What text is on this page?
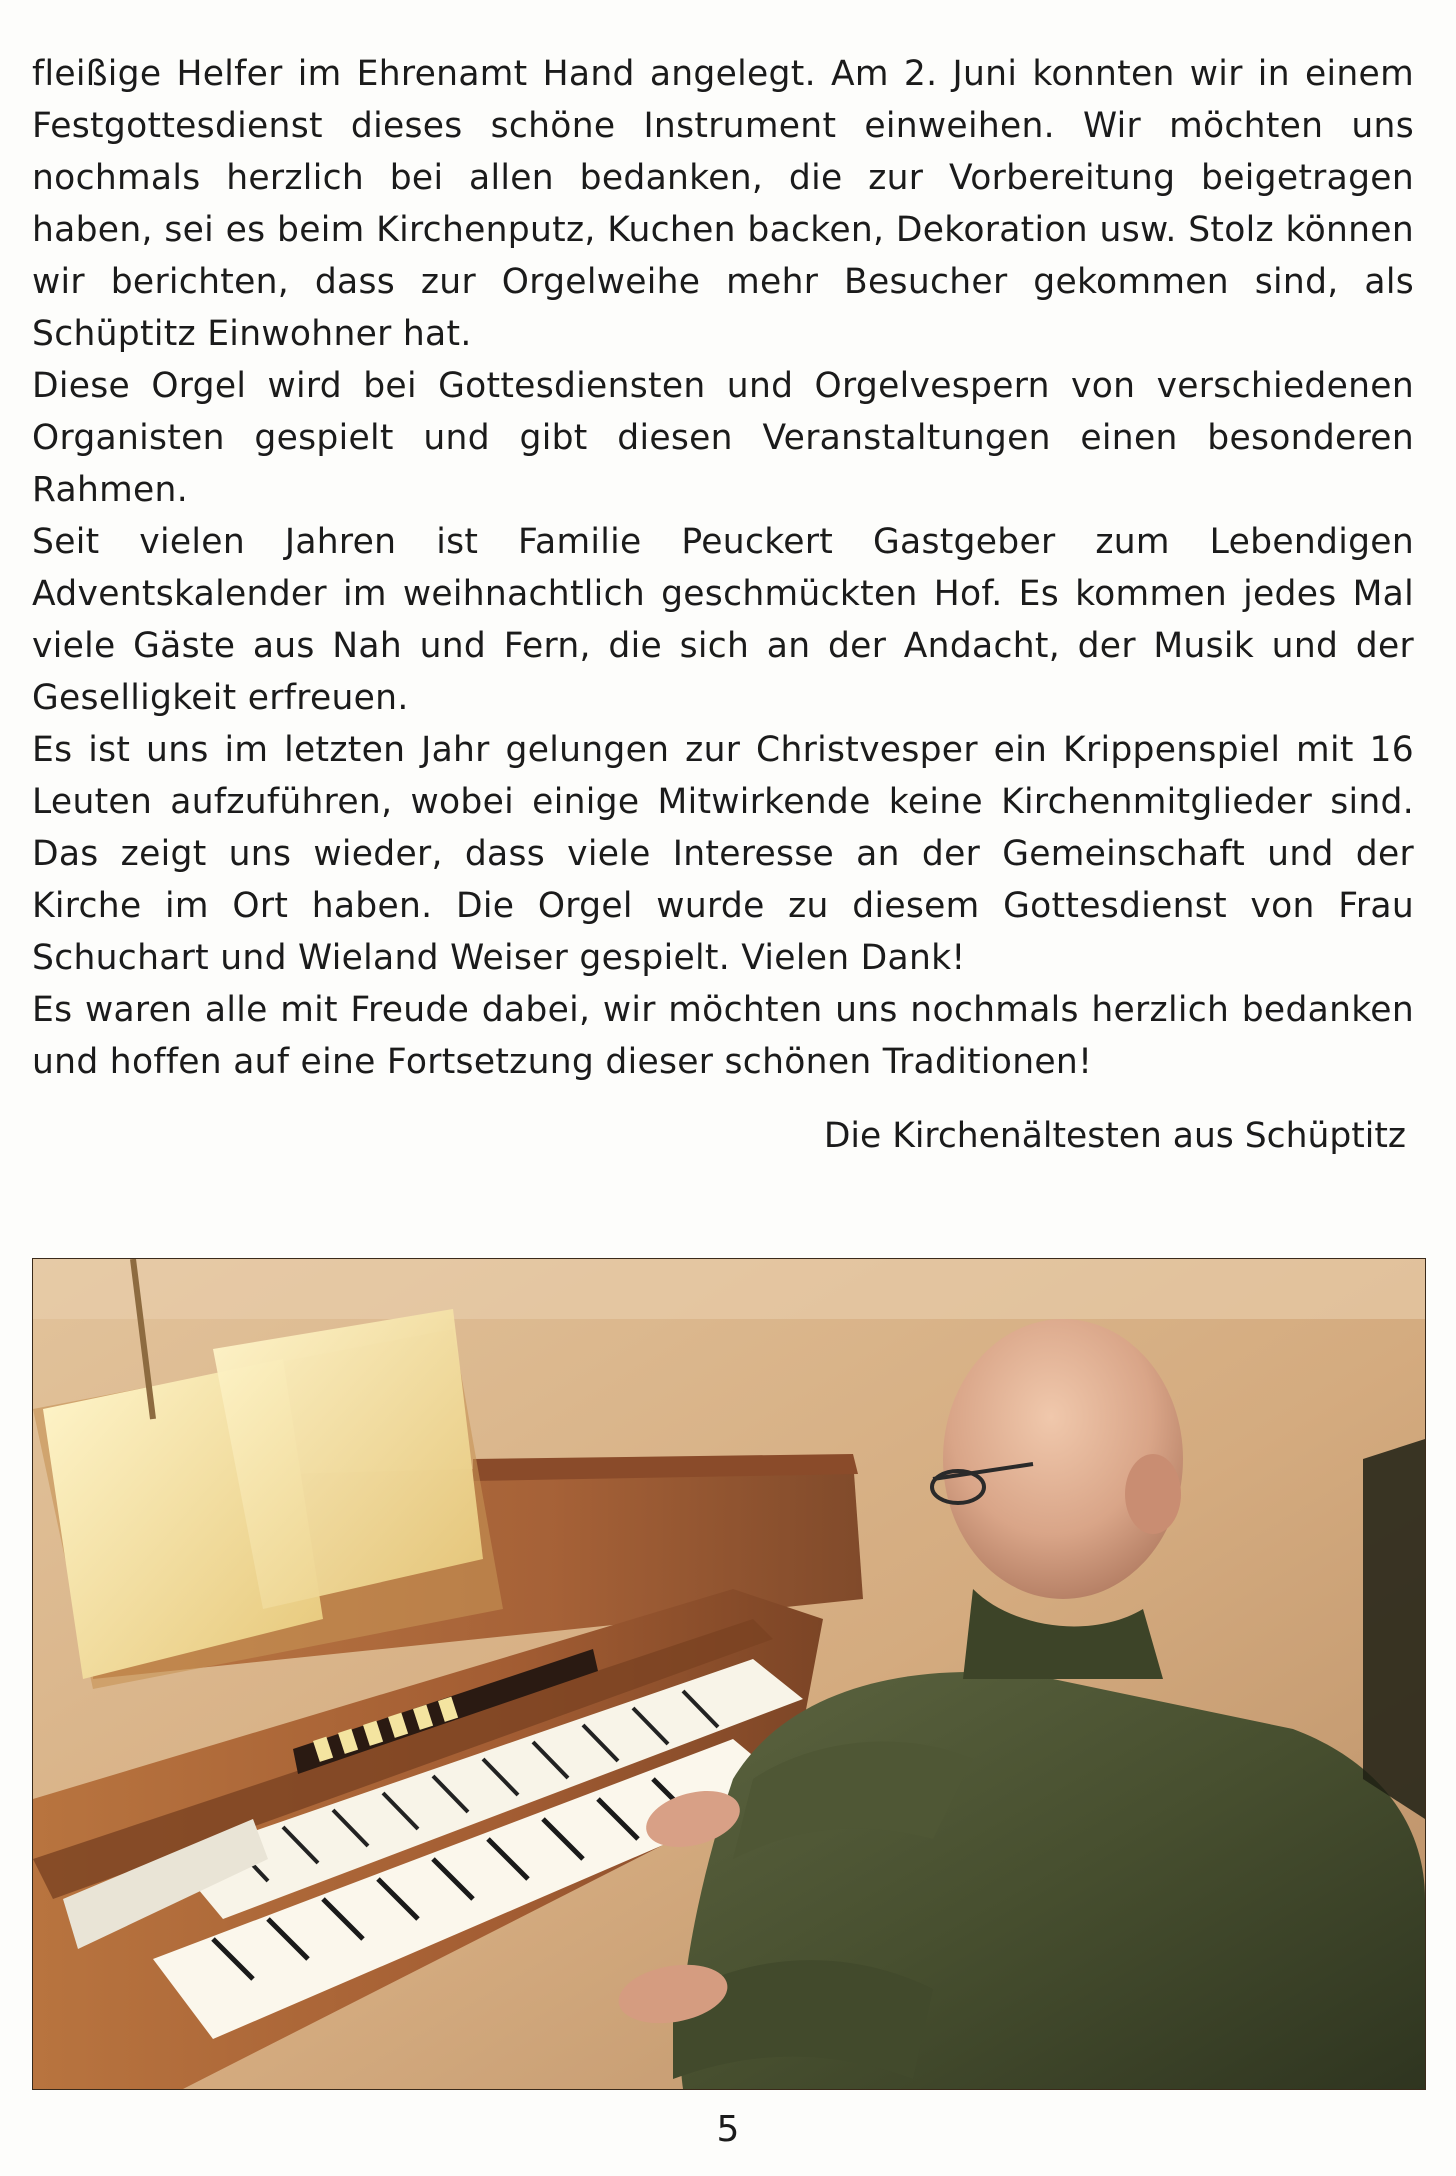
fleißige Helfer im Ehrenamt Hand angelegt. Am 2. Juni konnten wir in einem Festgottesdienst dieses schöne Instrument einweihen. Wir möchten uns nochmals herzlich bei allen bedanken, die zur Vorbereitung beigetragen haben, sei es beim Kirchenputz, Kuchen backen, Dekoration usw. Stolz können wir berichten, dass zur Orgelweihe mehr Besucher gekommen sind, als Schüptitz Einwohner hat.

Diese Orgel wird bei Gottesdiensten und Orgelvespern von verschiedenen Organisten gespielt und gibt diesen Veranstaltungen einen besonderen Rahmen.

Seit vielen Jahren ist Familie Peuckert Gastgeber zum Lebendigen Adventskalender im weihnachtlich geschmückten Hof. Es kommen jedes Mal viele Gäste aus Nah und Fern, die sich an der Andacht, der Musik und der Geselligkeit erfreuen.

Es ist uns im letzten Jahr gelungen zur Christvesper ein Krippenspiel mit 16 Leuten aufzuführen, wobei einige Mitwirkende keine Kirchenmitglieder sind. Das zeigt uns wieder, dass viele Interesse an der Gemeinschaft und der Kirche im Ort haben. Die Orgel wurde zu diesem Gottesdienst von Frau Schuchart und Wieland Weiser gespielt. Vielen Dank!

Es waren alle mit Freude dabei, wir möchten uns nochmals herzlich bedanken und hoffen auf eine Fortsetzung dieser schönen Traditionen!

Die Kirchenältesten aus Schüptitz
5
